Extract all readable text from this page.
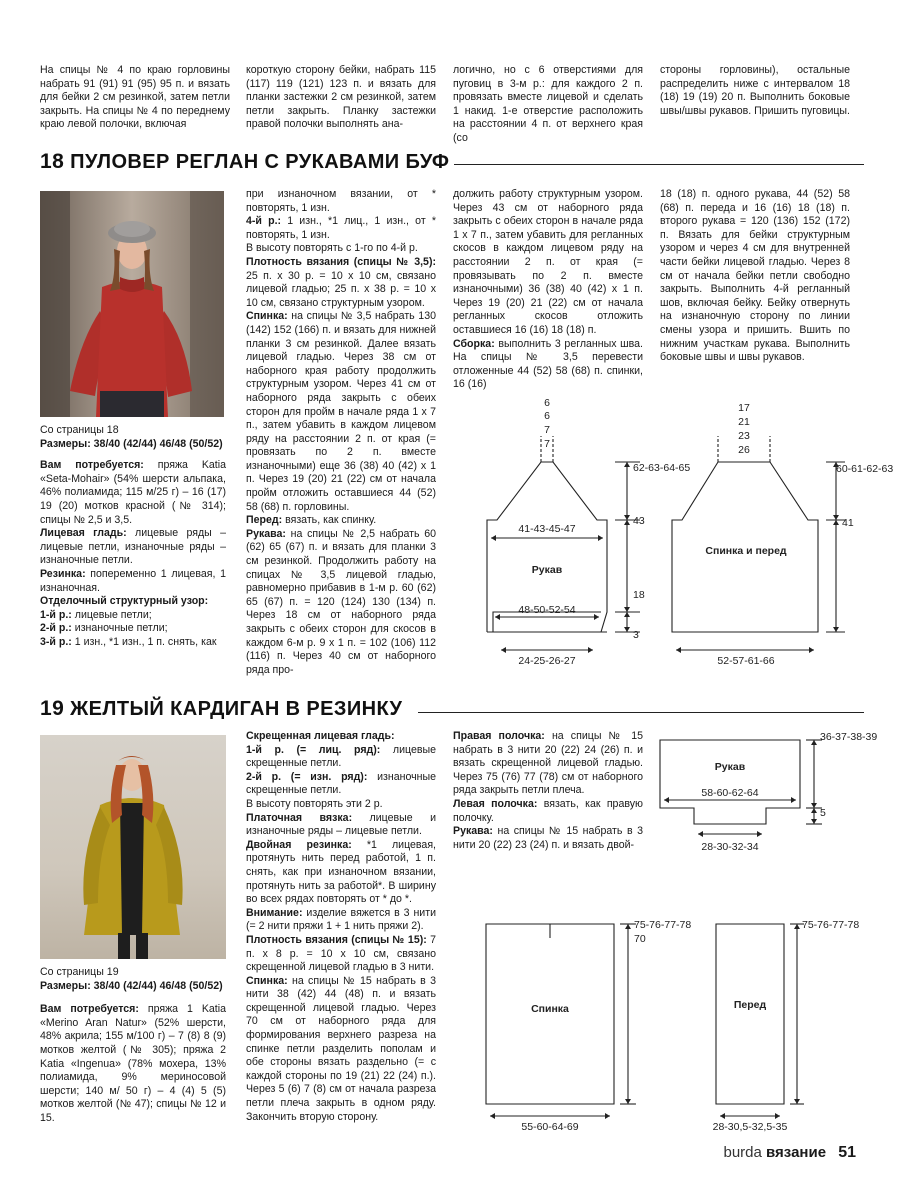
На спицы № 4 по краю горловины набрать 91 (91) 91 (95) 95 п. и вязать для бейки 2 см резинкой, затем петли закрыть. На спицы № 4 по переднему краю левой полочки, включая

короткую сторону бейки, набрать 115 (117) 119 (121) 123 п. и вязать для планки застежки 2 см резинкой, затем петли закрыть. Планку застежки правой полочки выполнять ана-

логично, но с 6 отверстиями для пуговиц в 3-м р.: для каждого 2 п. провязать вместе лицевой и сделать 1 накид. 1-е отверстие расположить на расстоянии 4 п. от верхнего края (со

стороны горловины), остальные распределить ниже с интервалом 18 (18) 19 (19) 20 п. Выполнить боковые швы/швы рукавов. Пришить пуговицы.

18 ПУЛОВЕР РЕГЛАН С РУКАВАМИ БУФ

Со страницы 18

Размеры: 38/40 (42/44) 46/48 (50/52)

Вам потребуется: пряжа Katia «Seta-Mohair» (54% шерсти альпака, 46% полиамида; 115 м/25 г) – 16 (17) 19 (20) мотков красной (№ 314); спицы № 2,5 и 3,5.

Лицевая гладь: лицевые ряды – лицевые петли, изнаночные ряды – изнаночные петли.

Резинка: попеременно 1 лицевая, 1 изнаночная.

Отделочный структурный узор:

1-й р.: лицевые петли;

2-й р.: изнаночные петли;

3-й р.: 1 изн., *1 изн., 1 п. снять, как

при изнаночном вязании, от * повторять, 1 изн.

4-й р.: 1 изн., *1 лиц., 1 изн., от * повторять, 1 изн.

В высоту повторять с 1-го по 4-й р.

Плотность вязания (спицы № 3,5): 25 п. х 30 р. = 10 х 10 см, связано лицевой гладью; 25 п. х 38 р. = 10 х 10 см, связано структурным узором.

Спинка: на спицы № 3,5 набрать 130 (142) 152 (166) п. и вязать для нижней планки 3 см резинкой. Далее вязать лицевой гладью. Через 38 см от наборного края работу продолжить структурным узором. Через 41 см от наборного ряда закрыть с обеих сторон для пройм в начале ряда 1 х 7 п., затем убавить в каждом лицевом ряду на расстоянии 2 п. от края (= провязать по 2 п. вместе изнаночными) еще 36 (38) 40 (42) х 1 п. Через 19 (20) 21 (22) см от начала пройм отложить оставшиеся 44 (52) 58 (68) п. горловины.

Перед: вязать, как спинку.

Рукава: на спицы № 2,5 набрать 60 (62) 65 (67) п. и вязать для планки 3 см резинкой. Продолжить работу на спицах № 3,5 лицевой гладью, равномерно прибавив в 1-м р. 60 (62) 65 (67) п. = 120 (124) 130 (134) п. Через 18 см от наборного ряда закрыть с обеих сторон для скосов в каждом 6-м р. 9 х 1 п. = 102 (106) 112 (116) п. Через 40 см от наборного ряда про-

должить работу структурным узором. Через 43 см от наборного ряда закрыть с обеих сторон в начале ряда 1 х 7 п., затем убавить для регланных скосов в каждом лицевом ряду на расстоянии 2 п. от края (= провязывать по 2 п. вместе изнаночными) 36 (38) 40 (42) х 1 п. Через 19 (20) 21 (22) см от начала регланных скосов отложить оставшиеся 16 (16) 18 (18) п.

Сборка: выполнить 3 регланных шва. На спицы № 3,5 перевести отложенные 44 (52) 58 (68) п. спинки, 16 (16)

18 (18) п. одного рукава, 44 (52) 58 (68) п. переда и 16 (16) 18 (18) п. второго рукава = 120 (136) 152 (172) п. Вязать для бейки структурным узором и через 4 см для внутренней части бейки лицевой гладью. Через 8 см от начала бейки петли свободно закрыть. Выполнить 4-й регланный шов, включая бейку. Бейку отвернуть на изнаночную сторону по линии смены узора и пришить. Вшить по нижним участкам рукава. Выполнить боковые швы и швы рукавов.

6
6
7
7
62-63-64-65
41-43-45-47
43
Рукав
18
48-50-52-54
3
24-25-26-27
17
21
23
26
60-61-62-63
41
Спинка и перед
52-57-61-66
19 ЖЕЛТЫЙ КАРДИГАН В РЕЗИНКУ

Со страницы 19

Размеры: 38/40 (42/44) 46/48 (50/52)

Вам потребуется: пряжа 1 Katia «Merino Aran Natur» (52% шерсти, 48% акрила; 155 м/100 г) – 7 (8) 8 (9) мотков желтой (№ 305); пряжа 2 Katia «Ingenua» (78% мохера, 13% полиамида, 9% мериносовой шерсти; 140 м/ 50 г) – 4 (4) 5 (5) мотков желтой (№ 47); спицы № 12 и 15.

Скрещенная лицевая гладь:

1-й р. (= лиц. ряд): лицевые скрещенные петли.

2-й р. (= изн. ряд): изнаночные скрещенные петли.

В высоту повторять эти 2 р.

Платочная вязка: лицевые и изнаночные ряды – лицевые петли.

Двойная резинка: *1 лицевая, протянуть нить перед работой, 1 п. снять, как при изнаночном вязании, протянуть нить за работой*. В ширину во всех рядах повторять от * до *.

Внимание: изделие вяжется в 3 нити (= 2 нити пряжи 1 + 1 нить пряжи 2).

Плотность вязания (спицы № 15): 7 п. х 8 р. = 10 х 10 см, связано скрещенной лицевой гладью в 3 нити.

Спинка: на спицы № 15 набрать в 3 нити 38 (42) 44 (48) п. и вязать скрещенной лицевой гладью. Через 70 см от наборного ряда для формирования верхнего разреза на спинке петли разделить пополам и обе стороны вязать раздельно (= с каждой стороны по 19 (21) 22 (24) п.). Через 5 (6) 7 (8) см от начала разреза петли плеча закрыть в одном ряду. Закончить вторую сторону.

Правая полочка: на спицы № 15 набрать в 3 нити 20 (22) 24 (26) п. и вязать скрещенной лицевой гладью. Через 75 (76) 77 (78) см от наборного ряда закрыть петли плеча.

Левая полочка: вязать, как правую полочку.

Рукава: на спицы № 15 набрать в 3 нити 20 (22) 23 (24) п. и вязать двой-

36-37-38-39
Рукав
58-60-62-64
5
28-30-32-34
75-76-77-78
70
Спинка
55-60-64-69
75-76-77-78
Перед
28-30,5-32,5-35
burda вязание 51
